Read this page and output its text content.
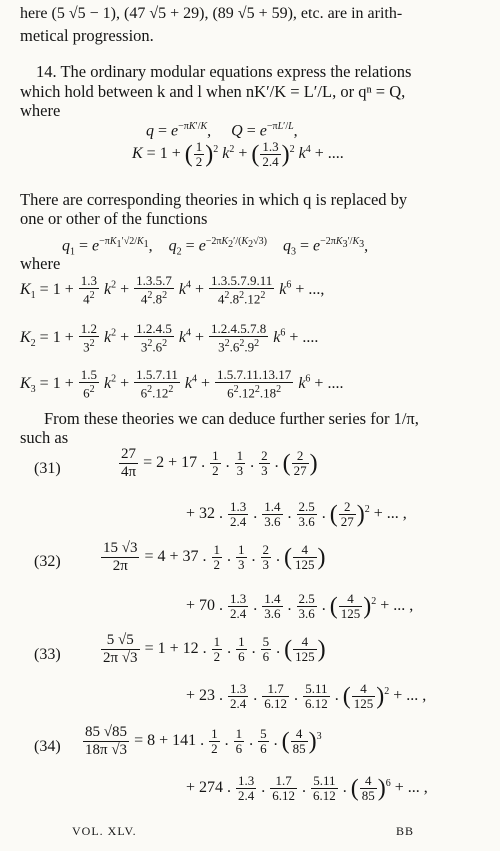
here (5 √5 − 1), (47 √5 + 29), (89 √5 + 59), etc. are in arith-
metical progression.
14. The ordinary modular equations express the relations
which hold between k and l when nK′/K = L′/L, or qⁿ = Q,
where
$q = e^{-\pi K'/K}$,     $Q = e^{-\pi L'/L}$,
K = 1 + ( $\frac{1}{2} )^2$ $k^2$ + ( $\frac{1.3}{2.4} )^2$ $k^4$ + ....
There are corresponding theories in which q is replaced by
one or other of the functions
$q_1 = e^{-\pi K_1'√2/K_1}$,    $q_2 = e^{-2\pi K_2'/(K_2√3)}$ $q_3 = e^{-2\pi K_3'/K_3}$,
where
$K_1 = 1 + \frac{1.3}{4^2} k^2 + \frac{1.3.5.7}{4^2.8^2} k^4 + \frac{1.3.5.7.9.11}{4^2.8^2.12^2} k^6$ + ...,
$K_2 = 1 + \frac{1.2}{3^2} k^2 + \frac{1.2.4.5}{3^2.6^2} k^4 + \frac{1.2.4.5.7.8}{3^2.6^2.9^2} k^6$ + ....
$K_3 = 1 + \frac{1.5}{6^2} k^2 + \frac{1.5.7.11}{6^2.12^2} k^4 + \frac{1.5.7.11.13.17}{6^2.12^2.18^2} k^6$ + ....
From these theories we can deduce further series for 1/π,
such as
(31)	$\frac{27}{4\pi} = 2 + 17$ . $\frac{1}{2}$ . $\frac{1}{3}$ . $\frac{2}{3}$ . ( $\frac{2}{27}$ )
+ 32 . $\frac{1.3}{2.4}$ . $\frac{1.4}{3.6}$ . $\frac{2.5}{3.6}$ . ( $\frac{2}{27} )^2$ + ... ,
(32)	$\frac{15 √3}{2\pi} = 4 + 37$ . $\frac{1}{2}$ . $\frac{1}{3}$ . $\frac{2}{3}$ . ( $\frac{4}{125}$ )
+ 70 . $\frac{1.3}{2.4}$ . $\frac{1.4}{3.6}$ . $\frac{2.5}{3.6}$ . ( $\frac{4}{125} )^2$ + ... ,
(33)	$\frac{5 √5}{2\pi √3} = 1 + 12$ . $\frac{1}{2}$ . $\frac{1}{6}$ . $\frac{5}{6}$ . ( $\frac{4}{125}$ )
+ 23 . $\frac{1.3}{2.4}$ . $\frac{1.7}{6.12}$ . $\frac{5.11}{6.12}$ . ( $\frac{4}{125} )^2$ + ... ,
$(34) \frac{85 √85}{18\pi √3} = 8 + 141$ . $\frac{1}{2}$ . $\frac{1}{6}$ . $\frac{5}{6}$ . ( $\frac{4}{85} )^3$
+ 274 . $\frac{1.3}{2.4}$ . $\frac{1.7}{6.12}$ . $\frac{5.11}{6.12}$ . ( $\frac{4}{85} )^6$ + ... ,
VOL. XLV.	BB
